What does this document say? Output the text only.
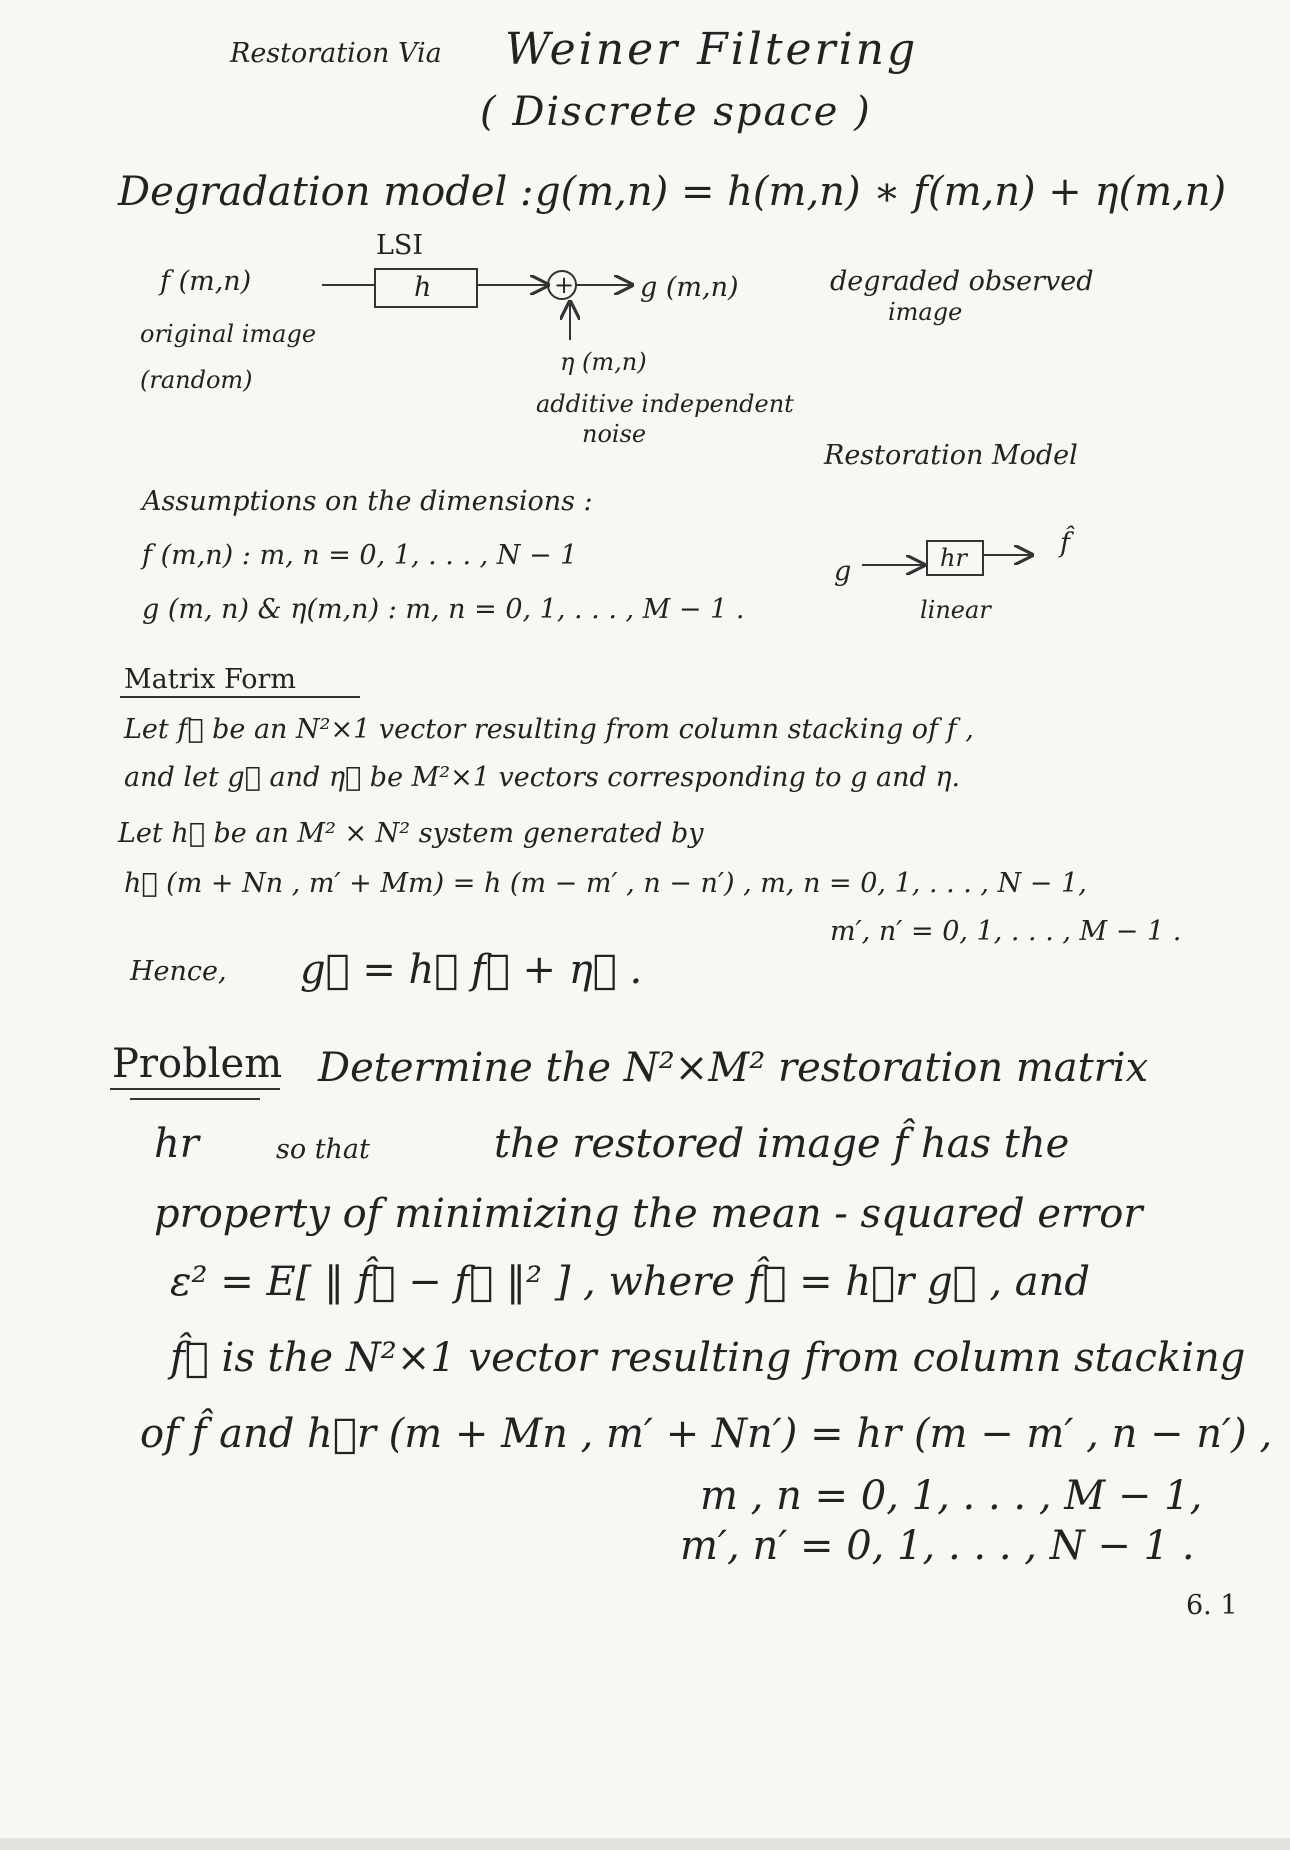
Restoration Via Weiner Filtering
( Discrete space )
Degradation model : g(m,n) = h(m,n) ∗ f(m,n) + η(m,n)
f (m,n)
original image
(random)
LSI
h	g (m,n)	degraded observed
image
η (m,n)
additive independent
noise
+
Restoration Model
g	hr	f̂
linear
Assumptions on the dimensions :
f (m,n) : m, n = 0, 1, . . . , N − 1
g (m, n) & η(m,n) : m, n = 0, 1, . . . , M − 1 .
Matrix Form
Let f⃗ be an N²×1 vector resulting from column stacking of f ,
and let g⃗ and η⃗ be M²×1 vectors corresponding to g and η.
Let h⃗ be an M² × N² system generated by
h⃗ (m + Nn , m′ + Mm) = h (m − m′ , n − n′) , m, n = 0, 1, . . . , N − 1,
m′, n′ = 0, 1, . . . , M − 1 .
Hence, g⃗ = h⃗ f⃗ + η⃗ .
Problem Determine the N²×M² restoration matrix
hr	so that	the restored image f̂ has the
property of minimizing the mean - squared error
ε² = E[ ‖ f̂⃗ − f⃗ ‖² ] , where f̂⃗ = h⃗r g⃗ , and
f̂⃗ is the N²×1 vector resulting from column stacking
of f̂ and h⃗r (m + Mn , m′ + Nn′) = hr (m − m′ , n − n′) ,
m , n = 0, 1, . . . , M − 1,
m′, n′ = 0, 1, . . . , N − 1 .
6. 1
